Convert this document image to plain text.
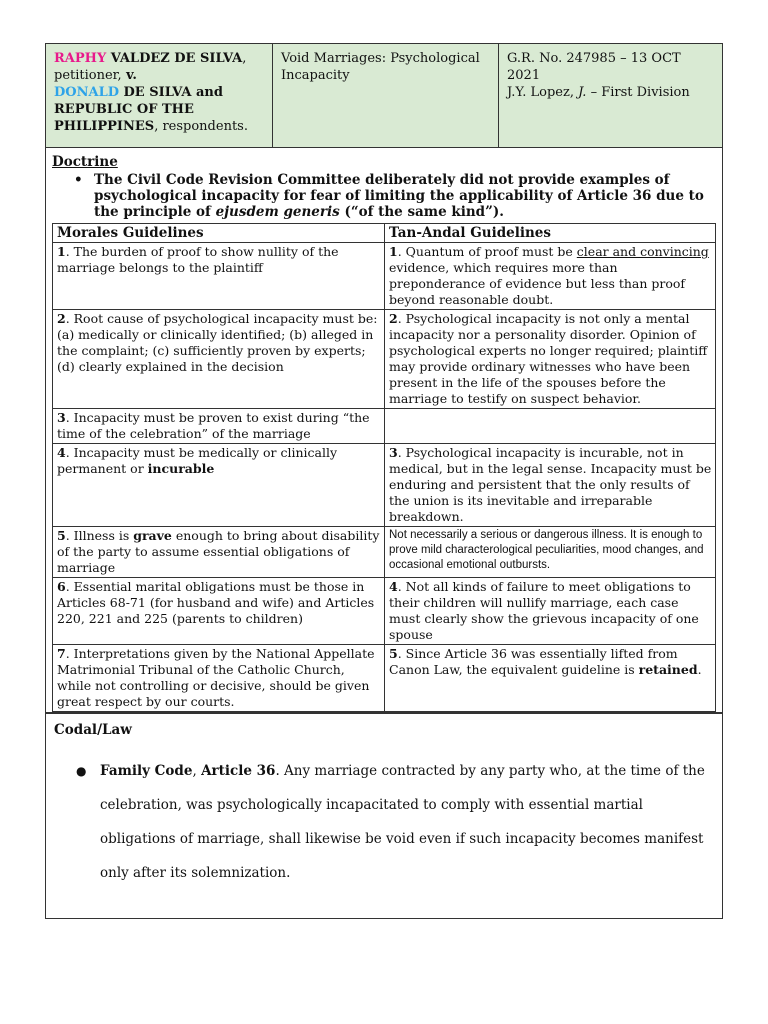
RAPHY VALDEZ DE SILVA, petitioner, v.
DONALD DE SILVA and REPUBLIC OF THE PHILIPPINES, respondents.
Void Marriages: Psychological Incapacity
G.R. No. 247985 – 13 OCT 2021
J.Y. Lopez, J. – First Division
Doctrine
• The Civil Code Revision Committee deliberately did not provide examples of psychological incapacity for fear of limiting the applicability of Article 36 due to the principle of ejusdem generis (“of the same kind”).
Morales Guidelines	Tan-Andal Guidelines
1. The burden of proof to show nullity of the marriage belongs to the plaintiff	1. Quantum of proof must be clear and convincing evidence, which requires more than preponderance of evidence but less than proof beyond reasonable doubt.
2. Root cause of psychological incapacity must be: (a) medically or clinically identified; (b) alleged in the complaint; (c) sufficiently proven by experts; (d) clearly explained in the decision	2. Psychological incapacity is not only a mental incapacity nor a personality disorder. Opinion of psychological experts no longer required; plaintiff may provide ordinary witnesses who have been present in the life of the spouses before the marriage to testify on suspect behavior.
3. Incapacity must be proven to exist during “the time of the celebration” of the marriage	
4. Incapacity must be medically or clinically permanent or incurable	3. Psychological incapacity is incurable, not in medical, but in the legal sense. Incapacity must be enduring and persistent that the only results of the union is its inevitable and irreparable breakdown.
5. Illness is grave enough to bring about disability of the party to assume essential obligations of marriage	Not necessarily a serious or dangerous illness. It is enough to prove mild characterological peculiarities, mood changes, and occasional emotional outbursts.
6. Essential marital obligations must be those in Articles 68-71 (for husband and wife) and Articles 220, 221 and 225 (parents to children)	4. Not all kinds of failure to meet obligations to their children will nullify marriage, each case must clearly show the grievous incapacity of one spouse
7. Interpretations given by the National Appellate Matrimonial Tribunal of the Catholic Church, while not controlling or decisive, should be given great respect by our courts.	5. Since Article 36 was essentially lifted from Canon Law, the equivalent guideline is retained.
Codal/Law
●	Family Code, Article 36. Any marriage contracted by any party who, at the time of the celebration, was psychologically incapacitated to comply with essential martial obligations of marriage, shall likewise be void even if such incapacity becomes manifest only after its solemnization.
